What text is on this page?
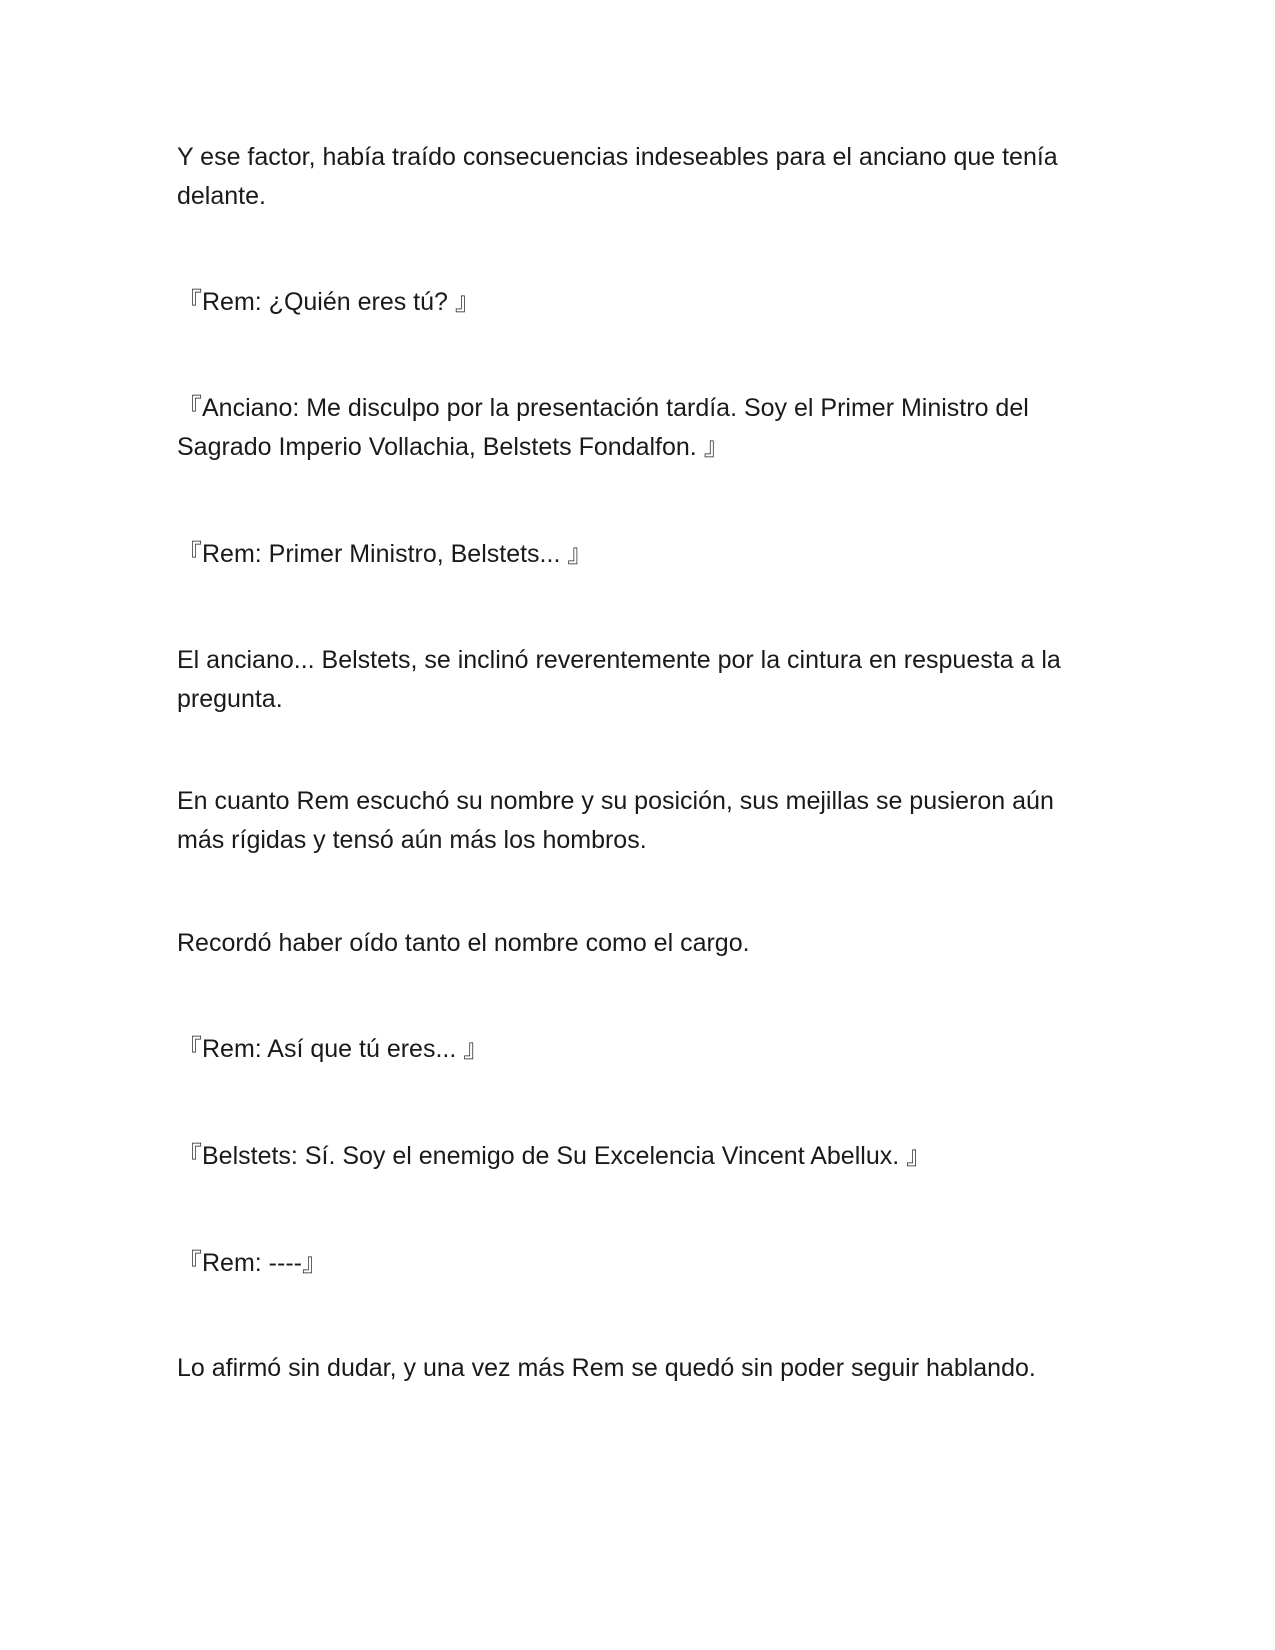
Y ese factor, había traído consecuencias indeseables para el anciano que tenía delante.

『Rem: ¿Quién eres tú? 』

『Anciano: Me disculpo por la presentación tardía. Soy el Primer Ministro del Sagrado Imperio Vollachia, Belstets Fondalfon. 』

『Rem: Primer Ministro, Belstets... 』

El anciano... Belstets, se inclinó reverentemente por la cintura en respuesta a la pregunta.

En cuanto Rem escuchó su nombre y su posición, sus mejillas se pusieron aún más rígidas y tensó aún más los hombros.

Recordó haber oído tanto el nombre como el cargo.

『Rem: Así que tú eres... 』

『Belstets: Sí. Soy el enemigo de Su Excelencia Vincent Abellux. 』

『Rem: ----』

Lo afirmó sin dudar, y una vez más Rem se quedó sin poder seguir hablando.
